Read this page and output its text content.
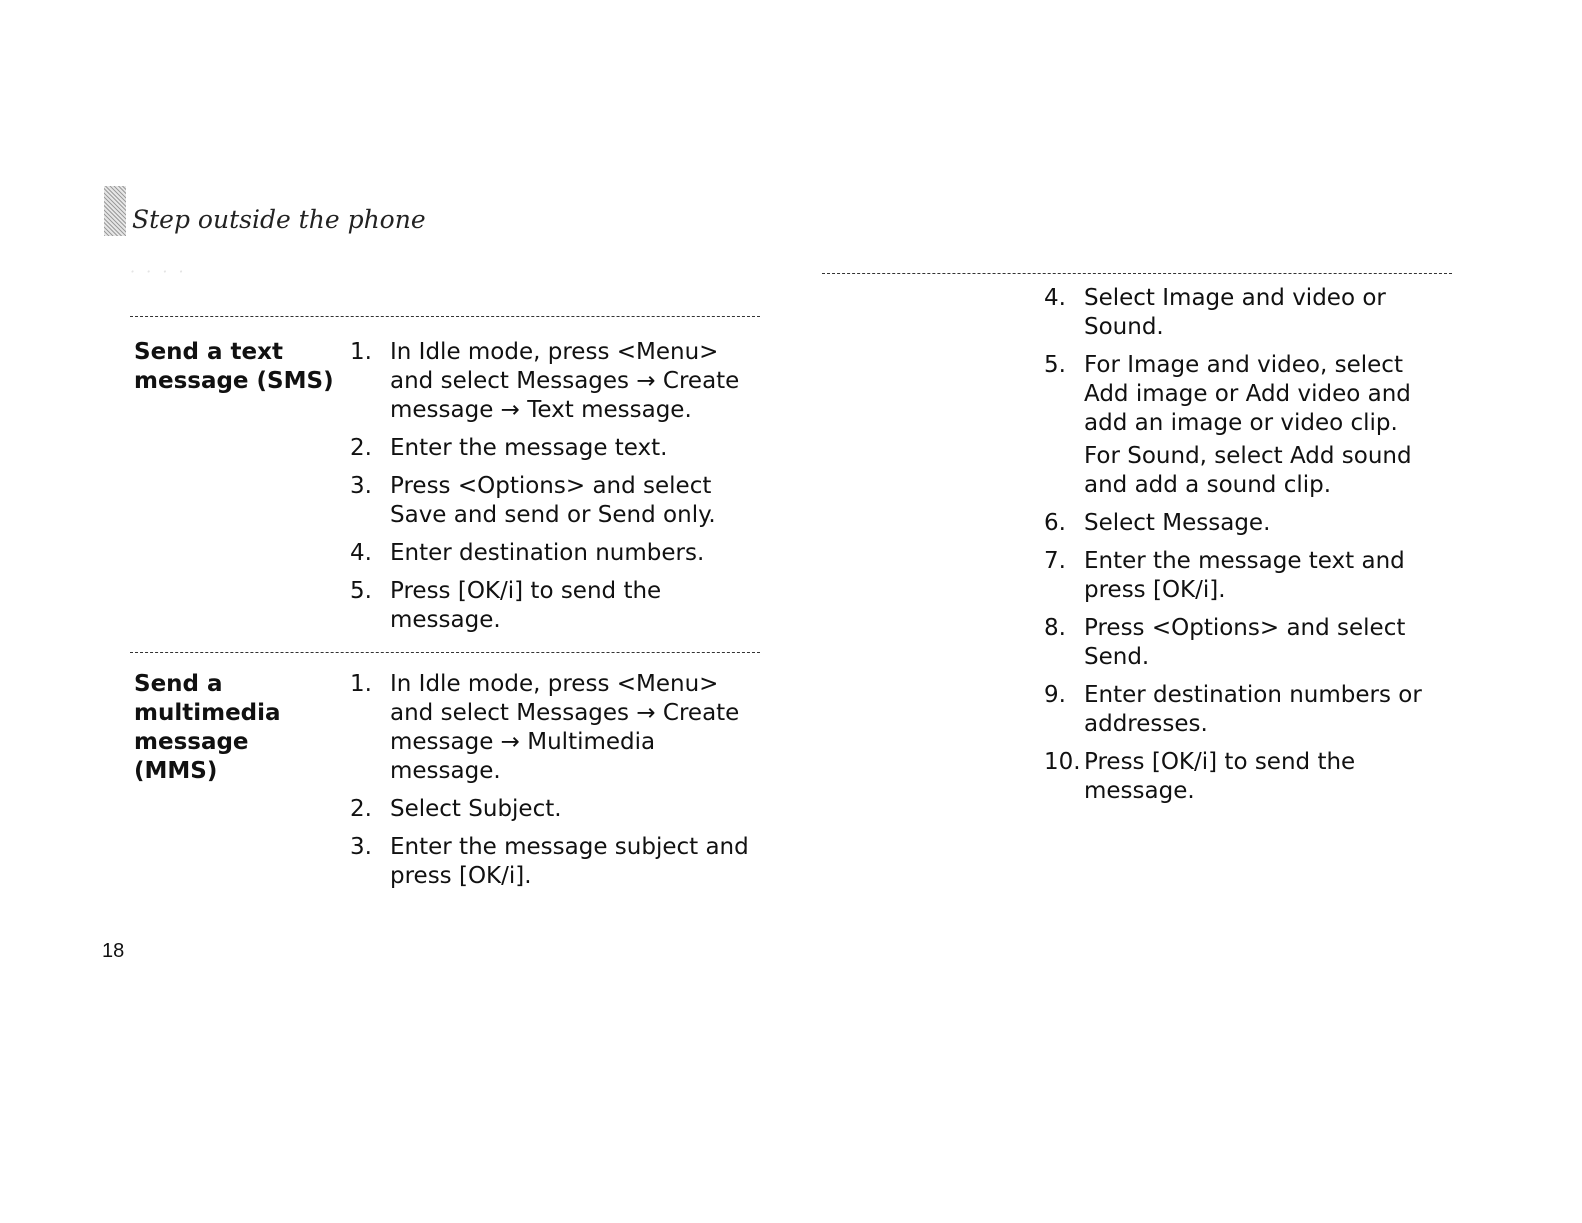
Step outside the phone
· · · ·
Send a text message (SMS)
1. In Idle mode, press <Menu> and select Messages → Create message → Text message.
2. Enter the message text.
3. Press <Options> and select Save and send or Send only.
4. Enter destination numbers.
5. Press [OK/i] to send the message.
Send a multimedia message (MMS)
1. In Idle mode, press <Menu> and select Messages → Create message → Multimedia message.
2. Select Subject.
3. Enter the message subject and press [OK/i].
4. Select Image and video or Sound.
5. For Image and video, select Add image or Add video and add an image or video clip.
For Sound, select Add sound and add a sound clip.
6. Select Message.
7. Enter the message text and press [OK/i].
8. Press <Options> and select Send.
9. Enter destination numbers or addresses.
10. Press [OK/i] to send the message.
18
